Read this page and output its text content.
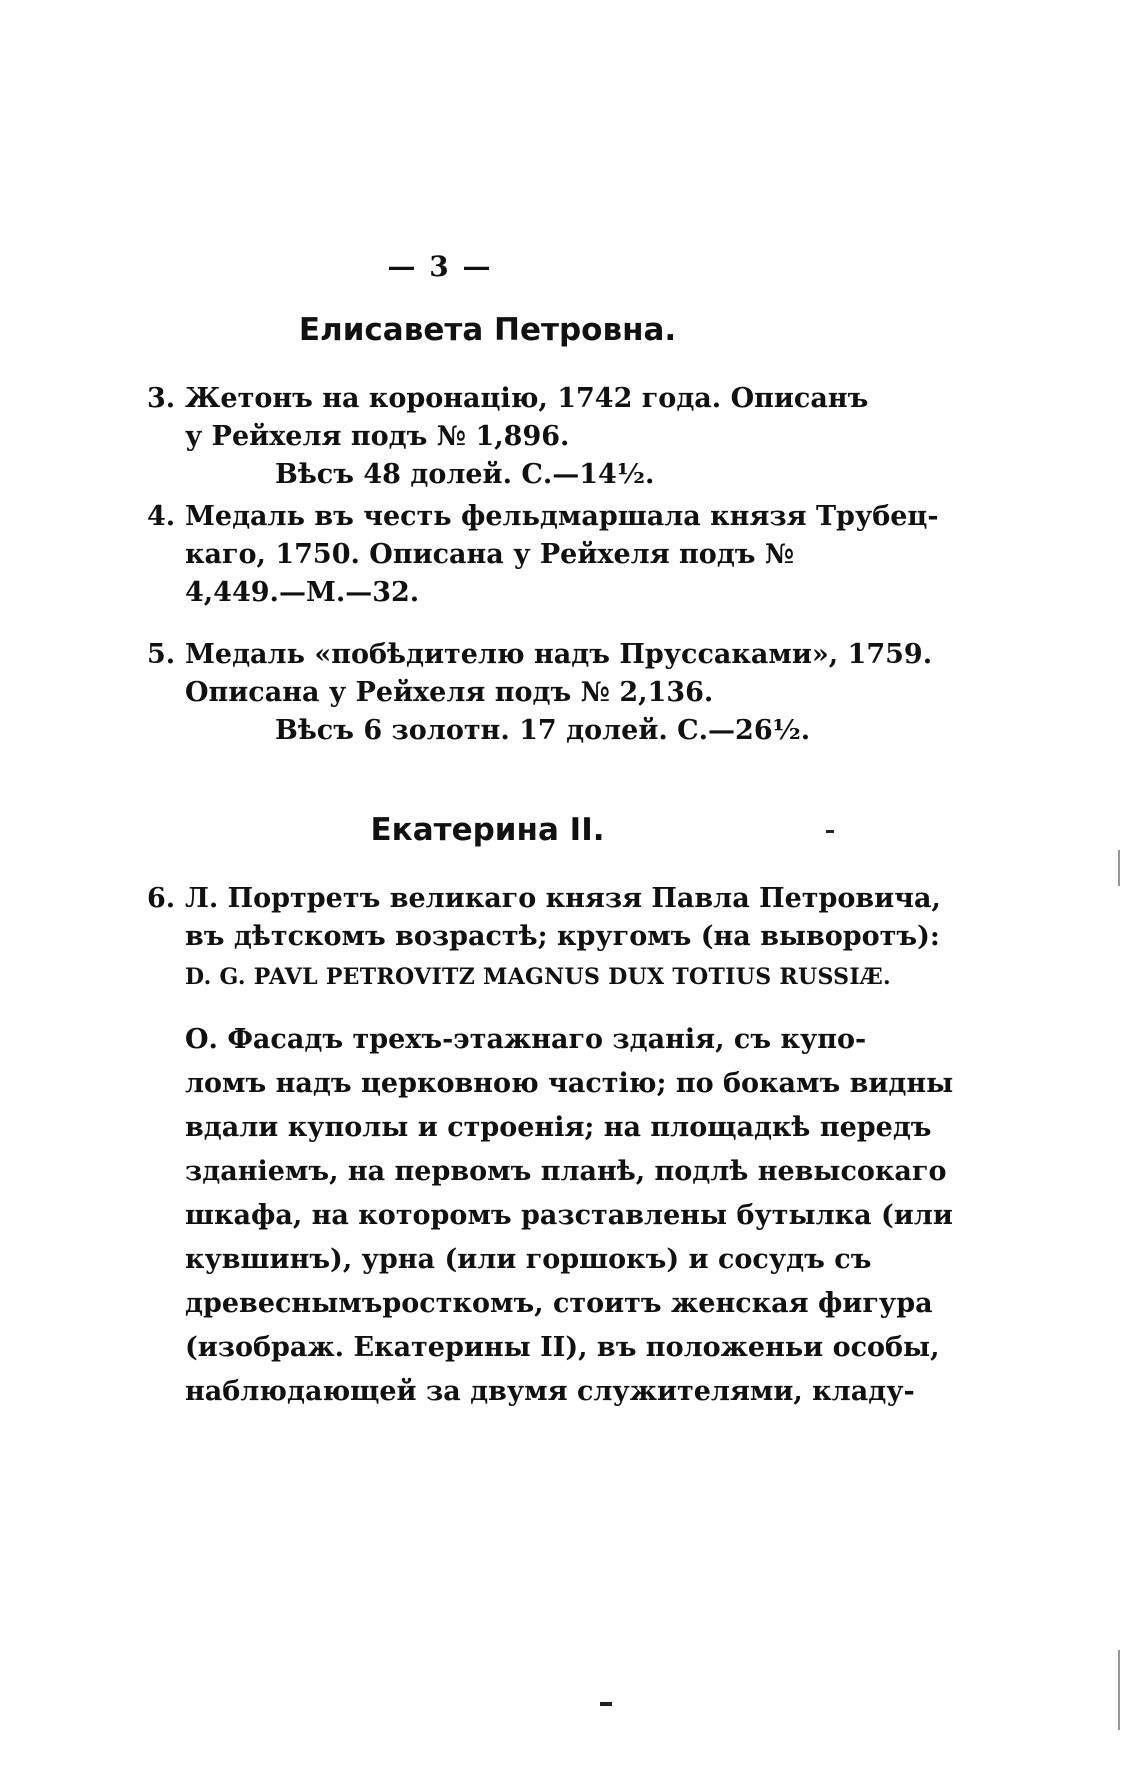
— 3 —
Елисавета Петровна.
3. Жетонъ на коронацію, 1742 года. Описанъ
у Рейхеля подъ № 1,896.
Вѣсъ 48 долей. С.—14½.
4. Медаль въ честь фельдмаршала князя Трубец-
каго, 1750. Описана у Рейхеля подъ №
4,449.—М.—32.
5. Медаль «побѣдителю надъ Пруссаками», 1759.
Описана у Рейхеля подъ № 2,136.
Вѣсъ 6 золотн. 17 долей. С.—26½.
Екатерина II.
6. Л. Портретъ великаго князя Павла Петровича,
въ дѣтскомъ возрастѣ; кругомъ (на выворотъ):
D. G. PAVL PETROVITZ MAGNUS DUX TOTIUS RUSSIÆ.
О. Фасадъ трехъ-этажнаго зданія, съ купо-
ломъ надъ церковною частію; по бокамъ видны
вдали куполы и строенія; на площадкѣ передъ
зданіемъ, на первомъ планѣ, подлѣ невысокаго
шкафа, на которомъ разставлены бутылка (или
кувшинъ), урна (или горшокъ) и сосудъ съ
древеснымъросткомъ, стоитъ женская фигура
(изображ. Екатерины II), въ положеньи особы,
наблюдающей за двумя служителями, кладу-
